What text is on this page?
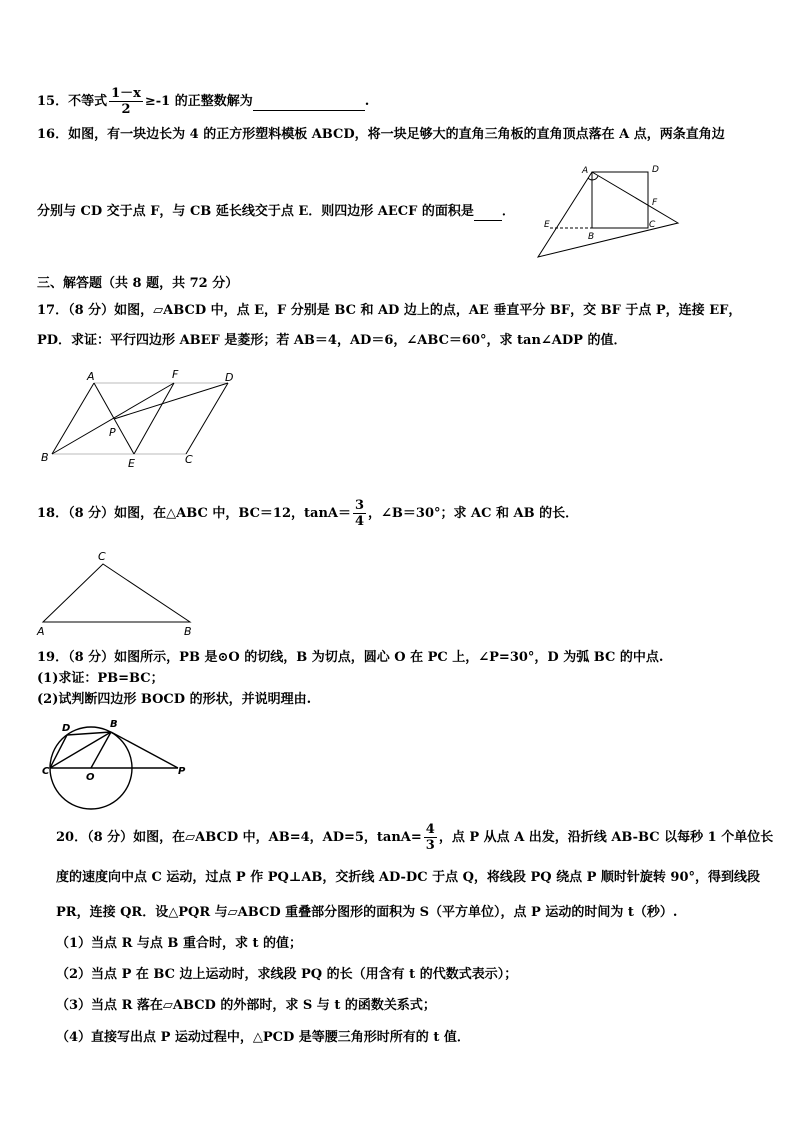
15．不等式 $\frac{1-x}{2} \ge-1$ 的正整数解为	.
16．如图，有一块边长为 4 的正方形塑料模板 ABCD，将一块足够大的直角三角板的直角顶点落在 A 点，两条直角边
分别与 CD 交于点 F，与 CB 延长线交于点 E．则四边形 AECF 的面积是 ．
A	D
F
E
B
C
三、解答题（共 8 题，共 72 分）
17．（8 分）如图，▱ABCD 中，点 E，F 分别是 BC 和 AD 边上的点，AE 垂直平分 BF，交 BF 于点 P，连接 EF，
PD．求证：平行四边形 ABEF 是菱形；若 AB＝4，AD＝6，∠ABC＝60°，求 tan∠ADP 的值．
A	F	D
P
B	E	C
18．（8 分）如图，在△ABC 中，BC＝12，$\tan A= \frac{3}{4}$ ，∠B＝30°；求 AC 和 AB 的长．
C
A	B
19．（8 分）如图所示，PB 是⊙O 的切线，B 为切点，圆心 O 在 PC 上，∠P=30°，D 为弧 BC 的中点.
(1)求证：PB=BC；
(2)试判断四边形 BOCD 的形状，并说明理由.
D	B
C
O
P
20．（8 分）如图，在▱ABCD 中，AB=4，AD=5，$\tan A= \frac{4}{3}$ ，点 P 从点 A 出发，沿折线 AB-BC 以每秒 1 个单位长
度的速度向中点 C 运动，过点 P 作 PQ⊥AB，交折线 AD-DC 于点 Q，将线段 PQ 绕点 P 顺时针旋转 90°，得到线段
PR，连接 QR．设△PQR 与▱ABCD 重叠部分图形的面积为 S（平方单位），点 P 运动的时间为 t（秒）.
（1）当点 R 与点 B 重合时，求 t 的值；
（2）当点 P 在 BC 边上运动时，求线段 PQ 的长（用含有 t 的代数式表示）；
（3）当点 R 落在▱ABCD 的外部时，求 S 与 t 的函数关系式；
（4）直接写出点 P 运动过程中，△PCD 是等腰三角形时所有的 t 值．
